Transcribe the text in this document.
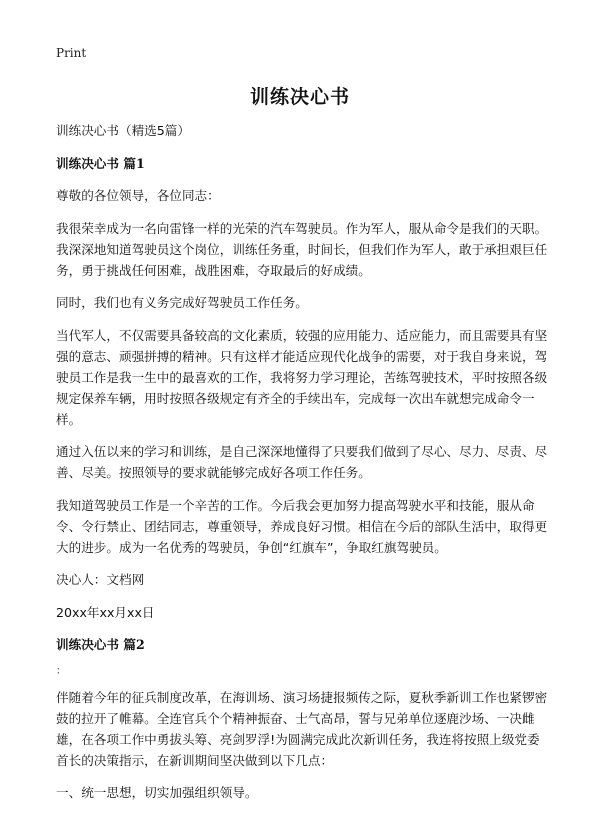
Print
训练决心书

训练决心书（精选5篇）

训练决心书 篇1

尊敬的各位领导，各位同志：

我很荣幸成为一名向雷锋一样的光荣的汽车驾驶员。作为军人，服从命令是我们的天职。我深深地知道驾驶员这个岗位，训练任务重，时间长，但我们作为军人，敢于承担艰巨任务，勇于挑战任何困难，战胜困难，夺取最后的好成绩。

同时，我们也有义务完成好驾驶员工作任务。

当代军人，不仅需要具备较高的文化素质，较强的应用能力、适应能力，而且需要具有坚强的意志、顽强拼搏的精神。只有这样才能适应现代化战争的需要，对于我自身来说，驾驶员工作是我一生中的最喜欢的工作，我将努力学习理论，苦练驾驶技术，平时按照各级规定保养车辆，用时按照各级规定有齐全的手续出车，完成每一次出车就想完成命令一样。

通过入伍以来的学习和训练，是自己深深地懂得了只要我们做到了尽心、尽力、尽责、尽善、尽美。按照领导的要求就能够完成好各项工作任务。

我知道驾驶员工作是一个辛苦的工作。今后我会更加努力提高驾驶水平和技能，服从命令、令行禁止、团结同志，尊重领导，养成良好习惯。相信在今后的部队生活中，取得更大的进步。成为一名优秀的驾驶员，争创“红旗车”，争取红旗驾驶员。

决心人：文档网

20xx年xx月xx日

训练决心书 篇2

：

伴随着今年的征兵制度改革，在海训场、演习场捷报频传之际，夏秋季新训工作也紧锣密鼓的拉开了帷幕。全连官兵个个精神振奋、士气高昂，誓与兄弟单位逐鹿沙场、一决雌雄，在各项工作中勇拔头筹、亮剑罗浮!为圆满完成此次新训任务，我连将按照上级党委首长的决策指示，在新训期间坚决做到以下几点：

一、统一思想，切实加强组织领导。
